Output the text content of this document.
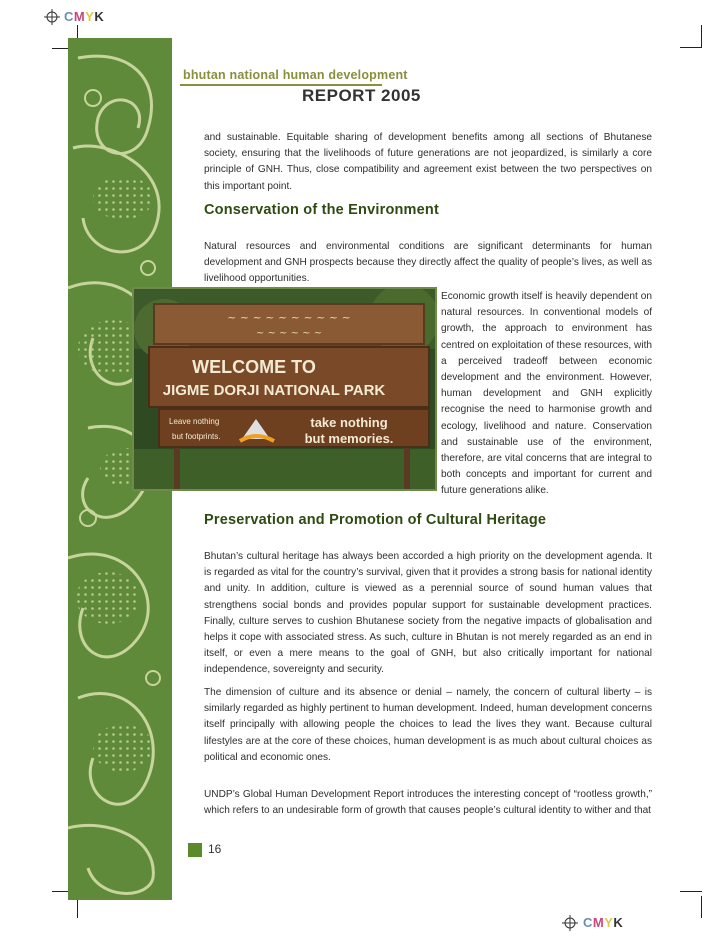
CMYK
CMYK
bhutan national human development
REPORT 2005

and sustainable. Equitable sharing of development benefits among all sections of Bhutanese society, ensuring that the livelihoods of future generations are not jeopardized, is similarly a core principle of GNH. Thus, close compatibility and agreement exist between the two perspectives on this important point.

Conservation of the Environment

Natural resources and environmental conditions are significant determinants for human development and GNH prospects because they directly affect the quality of people’s lives, as well as livelihood opportunities.

~ ~ ~ ~ ~ ~ ~ ~ ~ ~
~ ~ ~ ~ ~ ~
WELCOME TO
JIGME DORJI NATIONAL PARK
Leave nothing
but footprints.
take nothing
but memories.

Economic growth itself is heavily dependent on natural resources. In conventional models of growth, the approach to environment has centred on exploitation of these resources, with a perceived tradeoff between economic development and the environment. However, human development and GNH explicitly recognise the need to harmonise growth and ecology, livelihood and nature. Conservation and sustainable use of the environment, therefore, are vital concerns that are integral to both concepts and important for current and future generations alike.

Preservation and Promotion of Cultural Heritage

Bhutan’s cultural heritage has always been accorded a high priority on the development agenda. It is regarded as vital for the country’s survival, given that it provides a strong basis for national identity and unity. In addition, culture is viewed as a perennial source of sound human values that strengthens social bonds and provides popular support for sustainable development practices. Finally, culture serves to cushion Bhutanese society from the negative impacts of globalisation and helps it cope with associated stress. As such, culture in Bhutan is not merely regarded as an end in itself, or even a mere means to the goal of GNH, but also critically important for national independence, sovereignty and security.

The dimension of culture and its absence or denial – namely, the concern of cultural liberty – is similarly regarded as highly pertinent to human development. Indeed, human development concerns itself principally with allowing people the choices to lead the lives they want. Because cultural lifestyles are at the core of these choices, human development is as much about cultural choices as political and economic ones.

UNDP’s Global Human Development Report introduces the interesting concept of “rootless growth,” which refers to an undesirable form of growth that causes people’s cultural identity to wither and that

16
